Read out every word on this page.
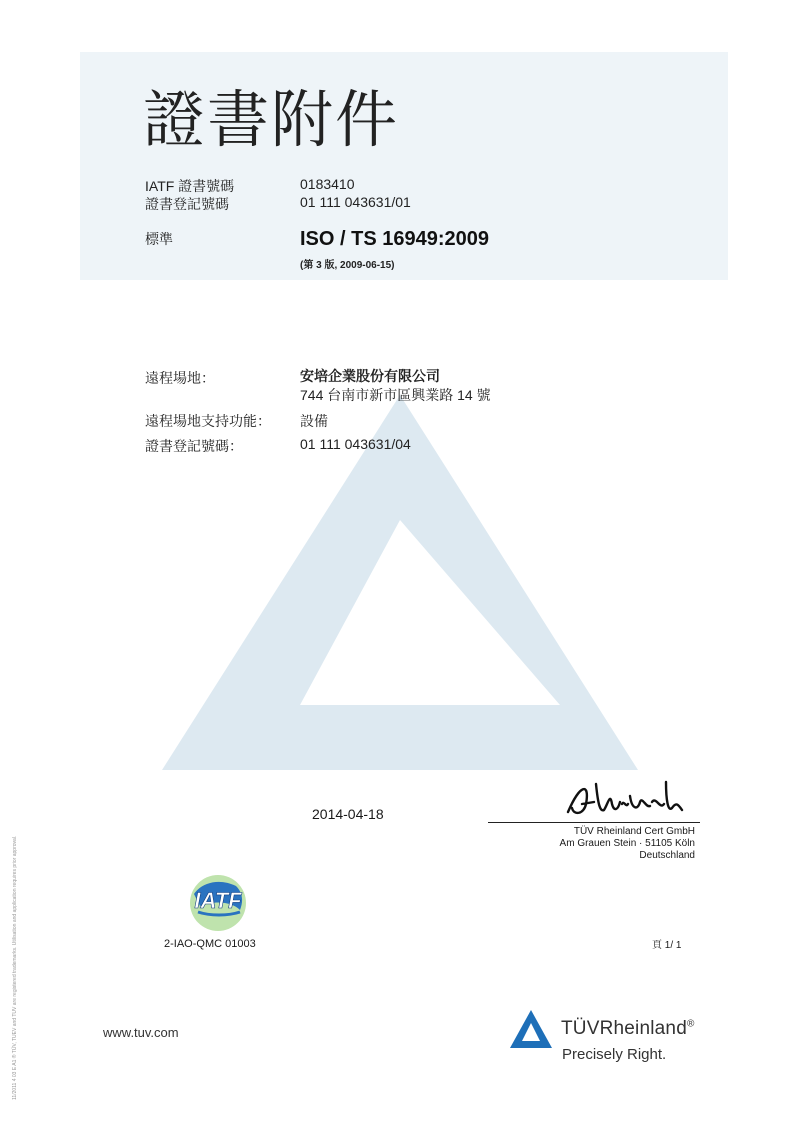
證書附件
IATF 證書號碼	0183410
證書登記號碼	01 111 043631/01
標準	ISO / TS 16949:2009
(第 3 版, 2009-06-15)
遠程場地：	安培企業股份有限公司
744 台南市新市區興業路 14 號
遠程場地支持功能： 設備
證書登記號碼：	01 111 043631/04
2014-04-18
TÜV Rheinland Cert GmbH
Am Grauen Stein · 51105 Köln
Deutschland
IATF
2-IAO-QMC 01003	頁 1/ 1
www.tuv.com	TÜVRheinland®
Precisely Right.
11/2011 4 03 E A1 ® TÜV, TUEV and TUV are registered trademarks. Utilisation and application requires prior approval.
